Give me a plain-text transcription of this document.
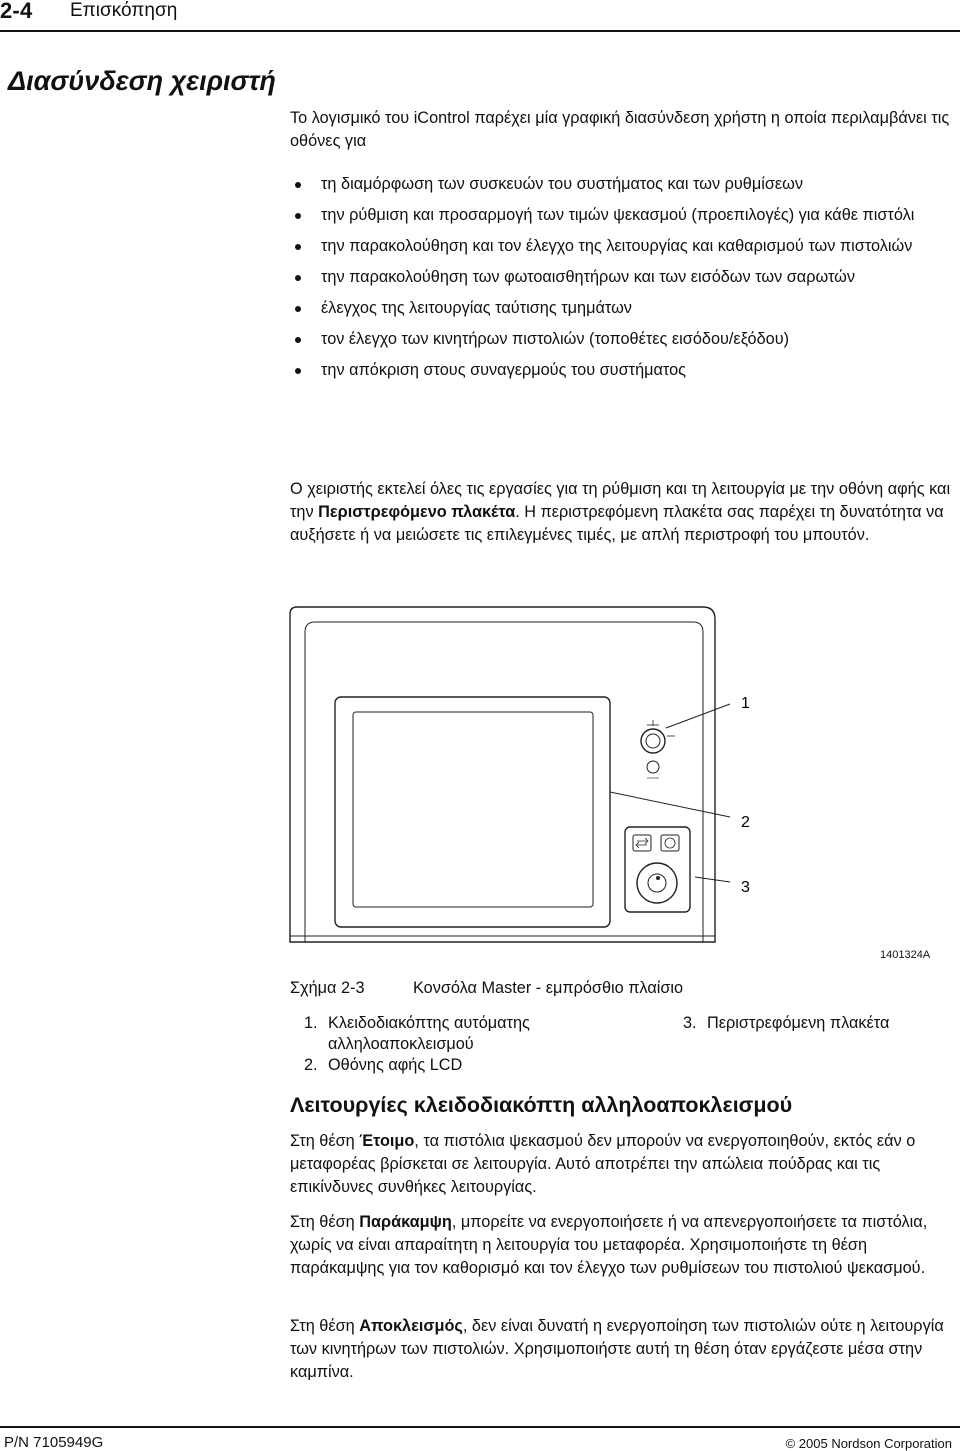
2-4 Επισκόπηση
Διασύνδεση χειριστή
Το λογισμικό του iControl παρέχει μία γραφική διασύνδεση χρήστη η οποία περιλαμβάνει τις οθόνες για
τη διαμόρφωση των συσκευών του συστήματος και των ρυθμίσεων
την ρύθμιση και προσαρμογή των τιμών ψεκασμού (προεπιλογές) για κάθε πιστόλι
την παρακολούθηση και τον έλεγχο της λειτουργίας και καθαρισμού των πιστολιών
την παρακολούθηση των φωτοαισθητήρων και των εισόδων των σαρωτών
έλεγχος της λειτουργίας ταύτισης τμημάτων
τον έλεγχο των κινητήρων πιστολιών (τοποθέτες εισόδου/εξόδου)
την απόκριση στους συναγερμούς του συστήματος
Ο χειριστής εκτελεί όλες τις εργασίες για τη ρύθμιση και τη λειτουργία με την οθόνη αφής και την Περιστρεφόμενο πλακέτα. Η περιστρεφόμενη πλακέτα σας παρέχει τη δυνατότητα να αυξήσετε ή να μειώσετε τις επιλεγμένες τιμές, με απλή περιστροφή του μπουτόν.
1
2
3
1401324A
Σχήμα 2-3	Κονσόλα Master - εμπρόσθιο πλαίσιο
1. Κλειδοδιακόπτης αυτόματης
αλληλοαποκλεισμού
2. Οθόνης αφής LCD
3. Περιστρεφόμενη πλακέτα
Λειτουργίες κλειδοδιακόπτη αλληλοαποκλεισμού
Στη θέση Έτοιμο, τα πιστόλια ψεκασμού δεν μπορούν να ενεργοποιηθούν, εκτός εάν ο μεταφορέας βρίσκεται σε λειτουργία. Αυτό αποτρέπει την απώλεια πούδρας και τις επικίνδυνες συνθήκες λειτουργίας.
Στη θέση Παράκαμψη, μπορείτε να ενεργοποιήσετε ή να απενεργοποιήσετε τα πιστόλια, χωρίς να είναι απαραίτητη η λειτουργία του μεταφορέα. Χρησιμοποιήστε τη θέση παράκαμψης για τον καθορισμό και τον έλεγχο των ρυθμίσεων του πιστολιού ψεκασμού.
Στη θέση Αποκλεισμός, δεν είναι δυνατή η ενεργοποίηση των πιστολιών ούτε η λειτουργία των κινητήρων των πιστολιών. Χρησιμοποιήστε αυτή τη θέση όταν εργάζεστε μέσα στην καμπίνα.
P/N 7105949G	© 2005 Nordson Corporation
